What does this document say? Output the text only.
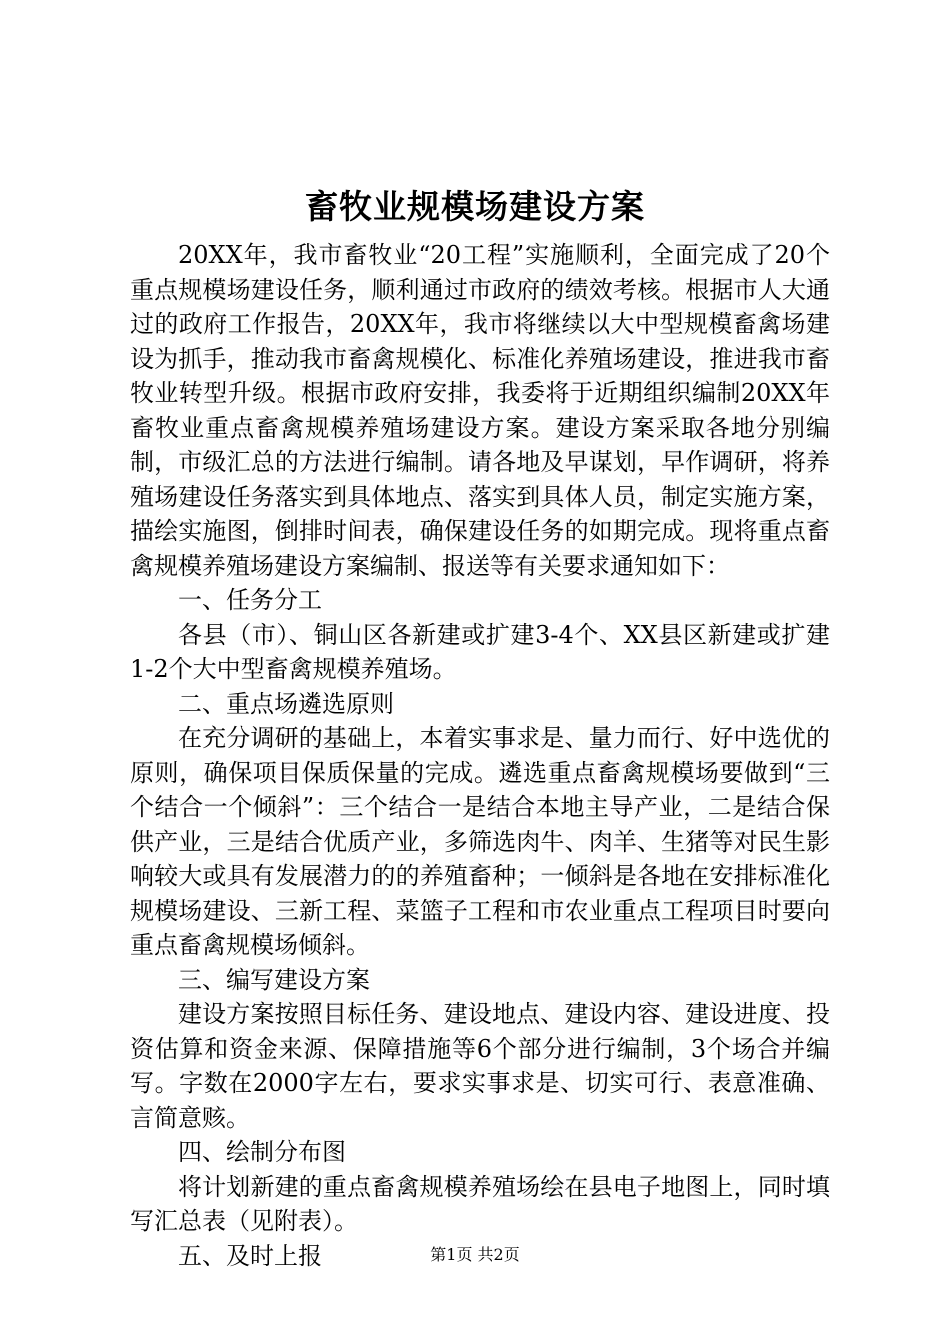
畜牧业规模场建设方案

20XX年，我市畜牧业“20工程”实施顺利，全面完成了20个重点规模场建设任务，顺利通过市政府的绩效考核。根据市人大通过的政府工作报告，20XX年，我市将继续以大中型规模畜禽场建设为抓手，推动我市畜禽规模化、标准化养殖场建设，推进我市畜牧业转型升级。根据市政府安排，我委将于近期组织编制20XX年畜牧业重点畜禽规模养殖场建设方案。建设方案采取各地分别编制，市级汇总的方法进行编制。请各地及早谋划，早作调研，将养殖场建设任务落实到具体地点、落实到具体人员，制定实施方案，描绘实施图，倒排时间表，确保建设任务的如期完成。现将重点畜禽规模养殖场建设方案编制、报送等有关要求通知如下：

一、任务分工

各县（市）、铜山区各新建或扩建3-4个、XX县区新建或扩建1-2个大中型畜禽规模养殖场。

二、重点场遴选原则

在充分调研的基础上，本着实事求是、量力而行、好中选优的原则，确保项目保质保量的完成。遴选重点畜禽规模场要做到“三个结合一个倾斜”：三个结合一是结合本地主导产业，二是结合保供产业，三是结合优质产业，多筛选肉牛、肉羊、生猪等对民生影响较大或具有发展潜力的的养殖畜种；一倾斜是各地在安排标准化规模场建设、三新工程、菜篮子工程和市农业重点工程项目时要向重点畜禽规模场倾斜。

三、编写建设方案

建设方案按照目标任务、建设地点、建设内容、建设进度、投资估算和资金来源、保障措施等6个部分进行编制，3个场合并编写。字数在2000字左右，要求实事求是、切实可行、表意准确、言简意赅。

四、绘制分布图

将计划新建的重点畜禽规模养殖场绘在县电子地图上，同时填写汇总表（见附表）。

五、及时上报	第1页 共2页
